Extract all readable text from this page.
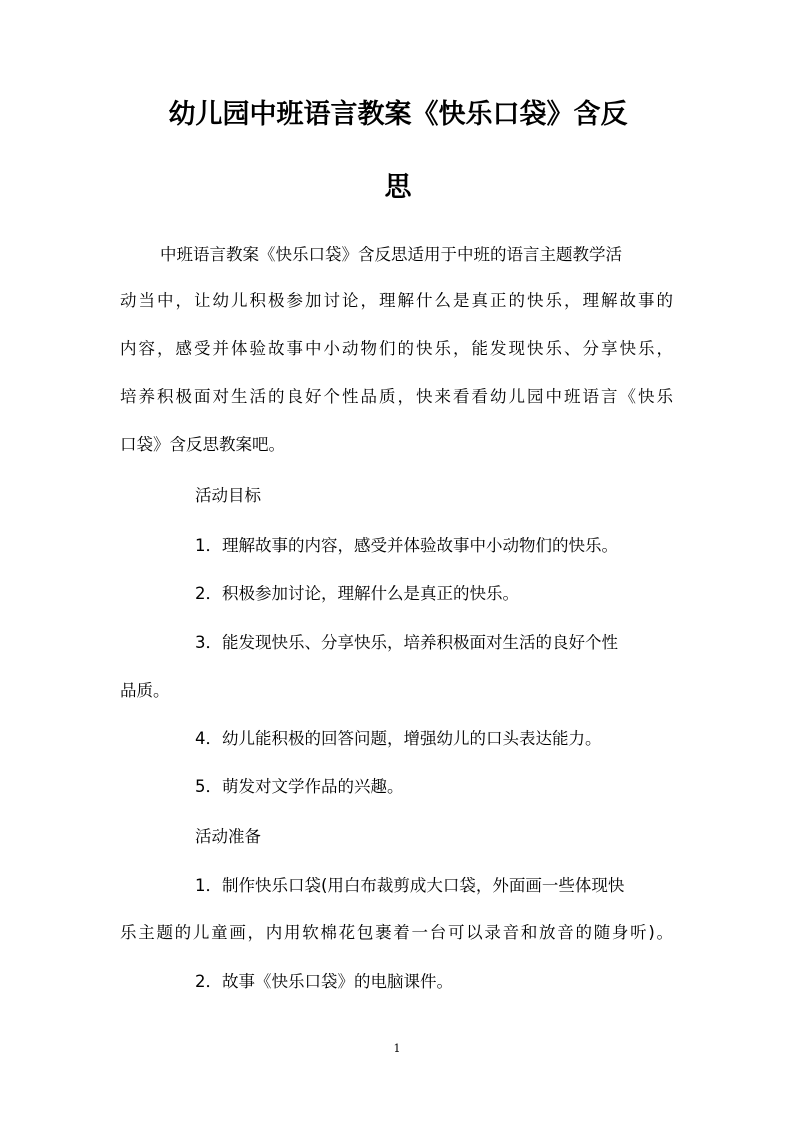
幼儿园中班语言教案《快乐口袋》含反
思
中班语言教案《快乐口袋》含反思适用于中班的语言主题教学活
动当中，让幼儿积极参加讨论，理解什么是真正的快乐，理解故事的
内容，感受并体验故事中小动物们的快乐，能发现快乐、分享快乐，
培养积极面对生活的良好个性品质，快来看看幼儿园中班语言《快乐
口袋》含反思教案吧。
活动目标
1．理解故事的内容，感受并体验故事中小动物们的快乐。
2．积极参加讨论，理解什么是真正的快乐。
3．能发现快乐、分享快乐，培养积极面对生活的良好个性
品质。
4．幼儿能积极的回答问题，增强幼儿的口头表达能力。
5．萌发对文学作品的兴趣。
活动准备
1．制作快乐口袋(用白布裁剪成大口袋，外面画一些体现快
乐主题的儿童画，内用软棉花包裹着一台可以录音和放音的随身听)。
2．故事《快乐口袋》的电脑课件。
1
